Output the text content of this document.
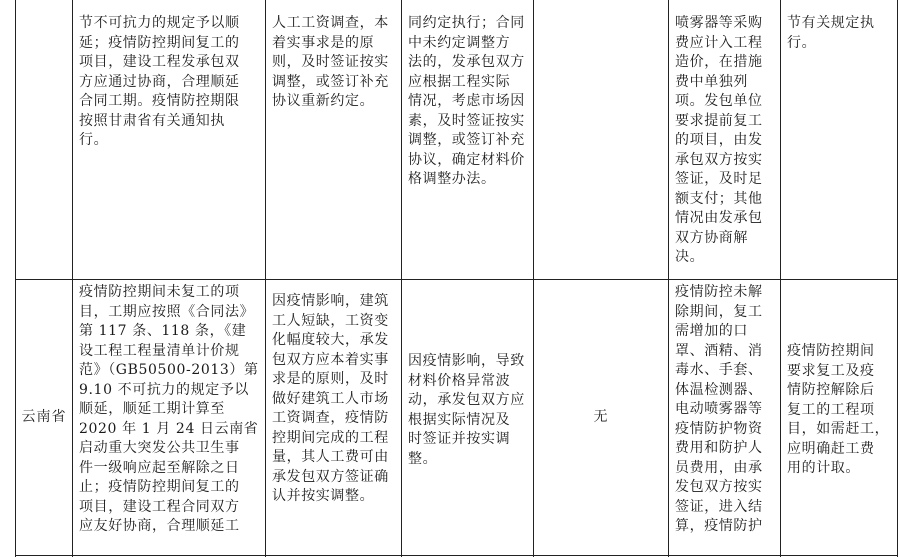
节不可抗力的规定予以顺
延；疫情防控期间复工的
项目，建设工程发承包双
方应通过协商，合理顺延
合同工期。疫情防控期限
按照甘肃省有关通知执
行。
人工工资调查，本
着实事求是的原
则，及时签证按实
调整，或签订补充
协议重新约定。
同约定执行；合同
中未约定调整方
法的，发承包双方
应根据工程实际
情况，考虑市场因
素，及时签证按实
调整，或签订补充
协议，确定材料价
格调整办法。
喷雾器等采购
费应计入工程
造价，在措施
费中单独列
项。发包单位
要求提前复工
的项目，由发
承包双方按实
签证，及时足
额支付；其他
情况由发承包
双方协商解
决。
节有关规定执
行。
云南省
疫情防控期间未复工的项
目，工期应按照《合同法》
第 117 条、118 条，《建
设工程工程量清单计价规
范》（GB50500-2013）第
9.10 不可抗力的规定予以
顺延，顺延工期计算至
2020 年 1 月 24 日云南省
启动重大突发公共卫生事
件一级响应起至解除之日
止；疫情防控期间复工的
项目，建设工程合同双方
应友好协商，合理顺延工
因疫情影响，建筑
工人短缺，工资变
化幅度较大，承发
包双方应本着实事
求是的原则，及时
做好建筑工人市场
工资调查，疫情防
控期间完成的工程
量，其人工费可由
承发包双方签证确
认并按实调整。
因疫情影响，导致
材料价格异常波
动，承发包双方应
根据实际情况及
时签证并按实调
整。
无
疫情防控未解
除期间，复工
需增加的口
罩、酒精、消
毒水、手套、
体温检测器、
电动喷雾器等
疫情防护物资
费用和防护人
员费用，由承
发包双方按实
签证，进入结
算，疫情防护
疫情防控期间
要求复工及疫
情防控解除后
复工的工程项
目，如需赶工，
应明确赶工费
用的计取。
